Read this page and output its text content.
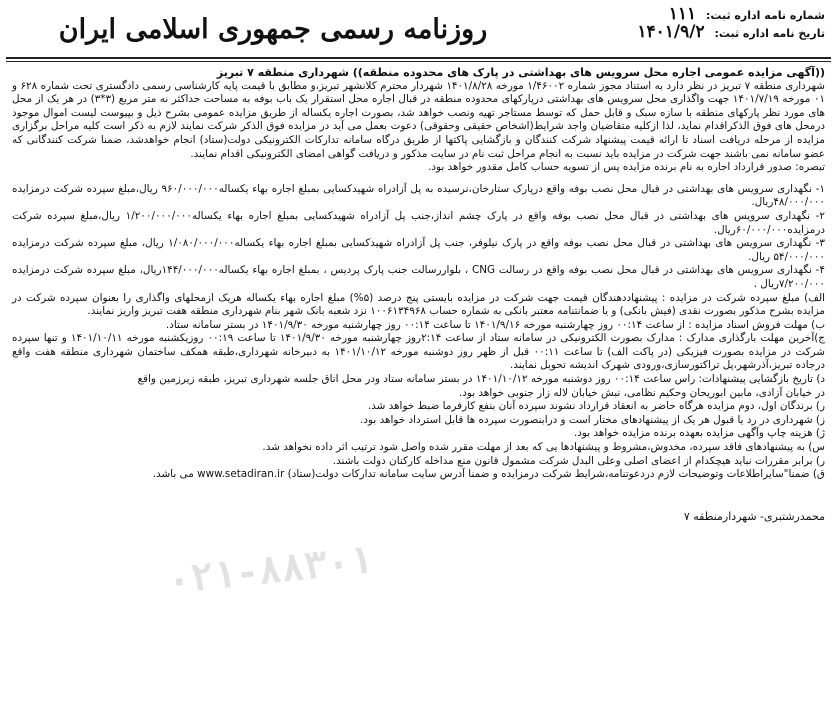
شماره نامه اداره ثبت: ۱۱۱
تاریخ نامه اداره ثبت: ۱۴۰۱/۹/۲
روزنامه رسمی جمهوری اسلامی ایران

((آگهی مزایده عمومی اجاره محل سرویس های بهداشتی در پارک های محدوده منطقه)) شهرداری منطقه ۷ تبریز

شهرداری منطقه ۷ تبریز در نظر دارد به استناد مجوز شماره ۱/۴۶۰۰۲ مورخه ۱۴۰۱/۸/۲۸ شهردار محترم کلانشهر تبریز،و مطابق با قیمت پایه کارشناسی رسمی دادگستری تحت شماره ۶۲۸ و ۰۱ مورخه ۱۴۰۱/۷/۱۹ جهت واگذاری محل سرویس های بهداشتی درپارکهای محدوده منطقه در قبال اجاره محل استقرار یک باب بوفه به مساحت حداکثر نه متر مربع (۳*۳) در هر یک از محل های مورد نظر پارکهای منطقه با سازه سبک و قابل حمل که توسط مستاجر تهیه ونصب خواهد شد، بصورت اجاره یکساله از طریق مزایده عمومی بشرح ذیل و بپیوست لیست اموال موجود درمحل های فوق الذکراقدام نماید، لذا ازکلیه متقاضیان واجد شرایط(اشخاص حقیقی وحقوقی) دعوت بعمل می آید در مزایده فوق الذکر شرکت نمایند لازم به ذکر است کلیه مراحل برگزاری مزایده از مرحله دریافت اسناد تا ارائه قیمت پیشنهاد شرکت کنندگان و بازگشایی پاکتها از طریق درگاه سامانه تدارکات الکترونیکی دولت(ستاد) انجام خواهدشد، ضمنا شرکت کنندگانی که عضو سامانه نمی باشند جهت شرکت در مزایده باید نسبت به انجام مراحل ثبت نام در سایت مذکور و دریافت گواهی امضای الکترونیکی اقدام نمایند.

تبصره: صدور قرارداد اجاره به نام برنده مزایده پس از تسویه حساب کامل مقدور خواهد بود.

۱- نگهداری سرویس های بهداشتی در قبال محل نصب بوفه واقع درپارک ستارخان،نرسیده به پل آزادراه شهیدکسایی بمبلغ اجاره بهاء یکساله۹۶۰/۰۰۰/۰۰۰ ریال،مبلغ سپرده شرکت درمزایده ۴۸/۰۰۰/۰۰۰ریال.

۲- نگهداری سرویس های بهداشتی در قبال محل نصب بوفه واقع در پارک چشم انداز،جنب پل آزادراه شهیدکسایی بمبلغ اجاره بهاء یکساله۱/۲۰۰/۰۰۰/۰۰۰ ریال،مبلغ سپرده شرکت درمزایده۶۰/۰۰۰/۰۰۰ریال.

۳- نگهداری سرویس های بهداشتی در قبال محل نصب بوفه واقع در پارک نیلوفر، جنب پل آزادراه شهیدکسایی بمبلغ اجاره بهاء یکساله۱/۰۸۰/۰۰۰/۰۰۰ ریال، مبلغ سپرده شرکت درمزایده ۵۴/۰۰۰/۰۰۰ ریال.

۴- نگهداری سرویس های بهداشتی در قبال محل نصب بوفه واقع در رسالت CNG ، بلواررسالت جنب پارک پردیس ، بمبلغ اجاره بهاء یکساله۱۴۴/۰۰۰/۰۰۰ریال، مبلغ سپرده شرکت درمزایده ۷/۲۰۰/۰۰۰ریال .

الف) مبلغ سپرده شرکت در مزایده : پیشنهاددهندگان قیمت جهت شرکت در مزایده بایستی پنج درصد (۵%) مبلغ اجاره بهاء یکساله هریک ازمحلهای واگذاری را بعنوان سپرده شرکت در مزایده بشرح مذکور بصورت نقدی (فیش بانکی) و یا ضمانتنامه معتبر بانکی به شماره حساب ۱۰۰۶۱۳۴۹۶۸ نزد شعبه بانک شهر بنام شهرداری منطقه هفت تبریز واریز نمایند.

ب) مهلت فروش اسناد مزایده : از ساعت ۰۰:۱۴ روز چهارشنبه مورخه ۱۴۰۱/۹/۱۶ تا ساعت ۰۰:۱۴ روز چهارشنبه مورخه ۱۴۰۱/۹/۳۰ در بستر سامانه ستاد.

ج)آخرین مهلت بارگذاری مدارک : مدارک بصورت الکترونیکی در سامانه ستاد از ساعت ۲:۱۴روز چهارشنبه مورخه ۱۴۰۱/۹/۳۰ تا ساعت ۰۰:۱۹ روزیکشنبه مورخه ۱۴۰۱/۱۰/۱۱ و تنها سپرده شرکت در مزایده بصورت فیزیکی (در پاکت الف) تا ساعت ۰۰:۱۱ قبل از ظهر روز دوشنبه مورخه ۱۴۰۱/۱۰/۱۲ به دبیرخانه شهرداری،طبقه همکف ساختمان شهرداری منطقه هفت واقع درجاده تبریز،آذرشهر،پل تراکتورسازی،ورودی شهرک اندیشه تحویل نمایند.

د) تاریخ بازگشایی پیشنهادات: راس ساعت ۰۰:۱۴ روز دوشنبه مورخه ۱۴۰۱/۱۰/۱۲ در بستر سامانه ستاد ودر محل اتاق جلسه شهرداری تبریز، طبقه زیرزمین واقع

در خیابان آزادی، مابین ابوریحان وحکیم نظامی، نبش خیابان لاله زار جنوبی خواهد بود.

ر) برندگان اول، دوم مزایده هرگاه حاضر به انعقاد قرارداد نشوند سپرده آنان بنفع کارفرما ضبط خواهد شد.

ز) شهرداری در رد یا قبول هر یک از پیشنهادهای مختار است و درابنصورت سپرده ها قابل استرداد خواهد بود.

ژ) هزینه چاپ وآگهی مزایده بعهده برنده مزایده خواهد بود.

س) به پیشنهادهای فاقد سپرده، مخدوش،مشروط و پیشنهادها یی که بعد از مهلت مقرر شده واصل شود ترتیب اثر داده نخواهد شد.

ر) برابر مقررات نباید هیچکدام از اعضای اصلی وعلی البدل شرکت مشمول قانون منع مداخله کارکنان دولت باشند.

ق) ضمنا"سایراطلاعات وتوضیحات لازم دردعوتنامه،شرایط شرکت درمزایده و ضمنا آدرس سایت سامانه تدارکات دولت(ستاد) www.setadiran.ir می باشد.

محمدرشتبری- شهردارمنطقه ۷

۰۲۱-۸۸۳۰۱
